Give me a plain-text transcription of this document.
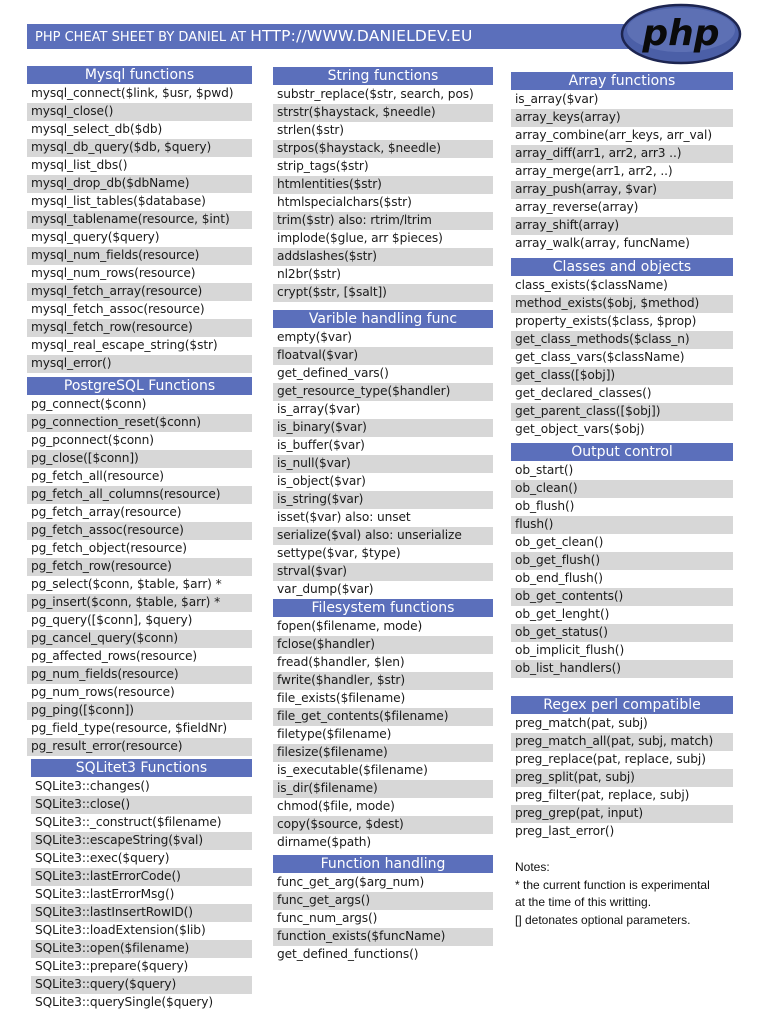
PHP CHEAT SHEET BY DANIEL AT HTTP://WWW.DANIELDEV.EU	php
Mysql functions
mysql_connect($link, $usr, $pwd)
mysql_close()
mysql_select_db($db)
mysql_db_query($db, $query)
mysql_list_dbs()
mysql_drop_db($dbName)
mysql_list_tables($database)
mysql_tablename(resource, $int)
mysql_query($query)
mysql_num_fields(resource)
mysql_num_rows(resource)
mysql_fetch_array(resource)
mysql_fetch_assoc(resource)
mysql_fetch_row(resource)
mysql_real_escape_string($str)
mysql_error()
PostgreSQL Functions
pg_connect($conn)
pg_connection_reset($conn)
pg_pconnect($conn)
pg_close([$conn])
pg_fetch_all(resource)
pg_fetch_all_columns(resource)
pg_fetch_array(resource)
pg_fetch_assoc(resource)
pg_fetch_object(resource)
pg_fetch_row(resource)
pg_select($conn, $table, $arr) *
pg_insert($conn, $table, $arr) *
pg_query([$conn], $query)
pg_cancel_query($conn)
pg_affected_rows(resource)
pg_num_fields(resource)
pg_num_rows(resource)
pg_ping([$conn])
pg_field_type(resource, $fieldNr)
pg_result_error(resource)
SQLitet3 Functions
SQLite3::changes()
SQLite3::close()
SQLite3::_construct($filename)
SQLite3::escapeString($val)
SQLite3::exec($query)
SQLite3::lastErrorCode()
SQLite3::lastErrorMsg()
SQLite3::lastInsertRowID()
SQLite3::loadExtension($lib)
SQLite3::open($filename)
SQLite3::prepare($query)
SQLite3::query($query)
SQLite3::querySingle($query)
String functions
substr_replace($str, search, pos)
strstr($haystack, $needle)
strlen($str)
strpos($haystack, $needle)
strip_tags($str)
htmlentities($str)
htmlspecialchars($str)
trim($str) also: rtrim/ltrim
implode($glue, arr $pieces)
addslashes($str)
nl2br($str)
crypt($str, [$salt])
Varible handling func
empty($var)
floatval($var)
get_defined_vars()
get_resource_type($handler)
is_array($var)
is_binary($var)
is_buffer($var)
is_null($var)
is_object($var)
is_string($var)
isset($var) also: unset
serialize($val) also: unserialize
settype($var, $type)
strval($var)
var_dump($var)
Filesystem functions
fopen($filename, mode)
fclose($handler)
fread($handler, $len)
fwrite($handler, $str)
file_exists($filename)
file_get_contents($filename)
filetype($filename)
filesize($filename)
is_executable($filename)
is_dir($filename)
chmod($file, mode)
copy($source, $dest)
dirname($path)
Function handling
func_get_arg($arg_num)
func_get_args()
func_num_args()
function_exists($funcName)
get_defined_functions()
Array functions
is_array($var)
array_keys(array)
array_combine(arr_keys, arr_val)
array_diff(arr1, arr2, arr3 ..)
array_merge(arr1, arr2, ..)
array_push(array, $var)
array_reverse(array)
array_shift(array)
array_walk(array, funcName)
Classes and objects
class_exists($className)
method_exists($obj, $method)
property_exists($class, $prop)
get_class_methods($class_n)
get_class_vars($className)
get_class([$obj])
get_declared_classes()
get_parent_class([$obj])
get_object_vars($obj)
Output control
ob_start()
ob_clean()
ob_flush()
flush()
ob_get_clean()
ob_get_flush()
ob_end_flush()
ob_get_contents()
ob_get_lenght()
ob_get_status()
ob_implicit_flush()
ob_list_handlers()
Regex perl compatible
preg_match(pat, subj)
preg_match_all(pat, subj, match)
preg_replace(pat, replace, subj)
preg_split(pat, subj)
preg_filter(pat, replace, subj)
preg_grep(pat, input)
preg_last_error()
Notes:
* the current function is experimental
at the time of this writting.
[] detonates optional parameters.
